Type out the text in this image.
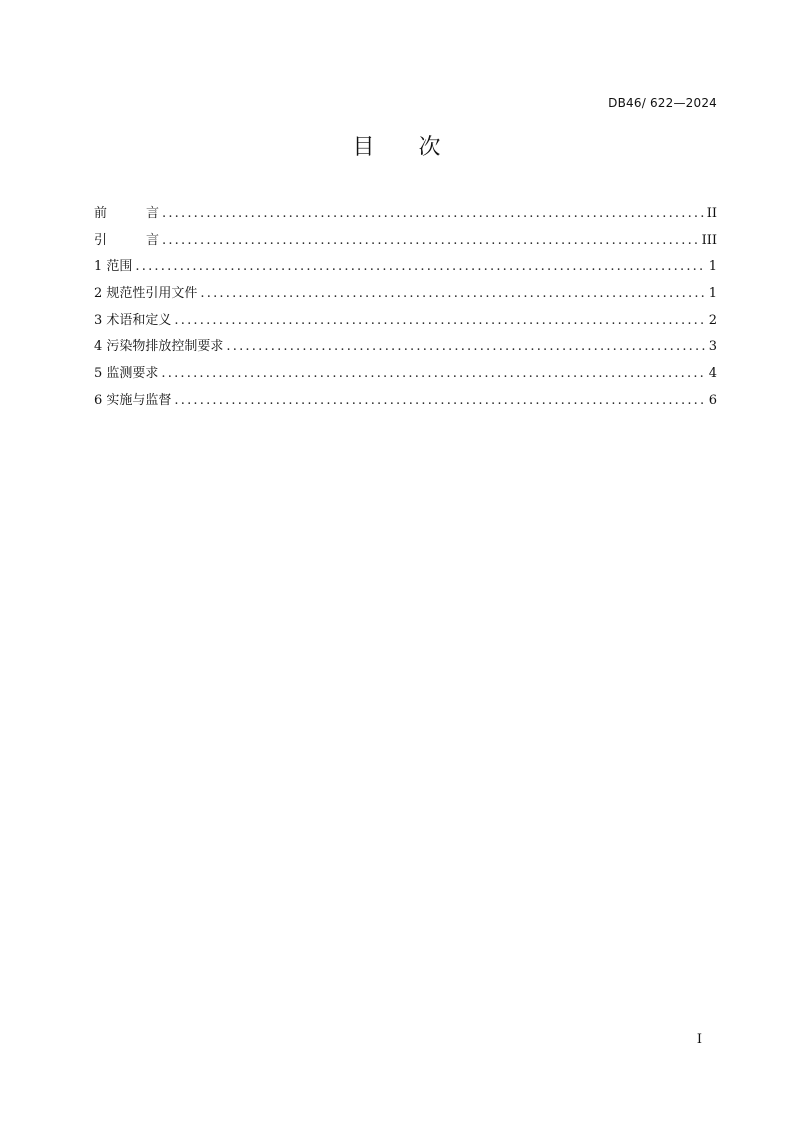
DB46/ 622—2024
目　　次
前　　　言 .....	II
引　　　言 .....	III
1 范围 .....	1
2 规范性引用文件 .....	1
3 术语和定义 .....	2
4 污染物排放控制要求 .....	3
5 监测要求 .....	4
6 实施与监督 .....	6
I
